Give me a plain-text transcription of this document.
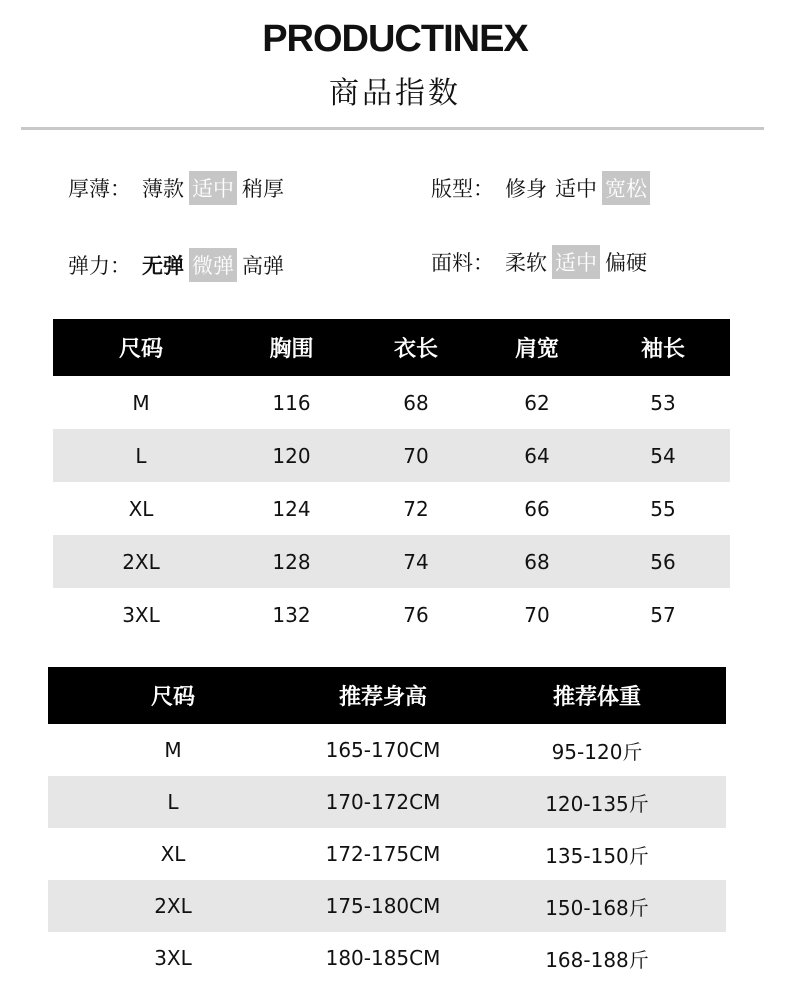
PRODUCTINEX
商品指数
厚薄： 薄款 适中 稍厚	版型： 修身 适中 宽松
弹力： 无弹 微弹 高弹	面料： 柔软 适中 偏硬
尺码	胸围	衣长	肩宽	袖长
M	116	68	62	53
L	120	70	64	54
XL	124	72	66	55
2XL	128	74	68	56
3XL	132	76	70	57
尺码	推荐身高	推荐体重
M	165-170CM	95-120斤
L	170-172CM	120-135斤
XL	172-175CM	135-150斤
2XL	175-180CM	150-168斤
3XL	180-185CM	168-188斤
